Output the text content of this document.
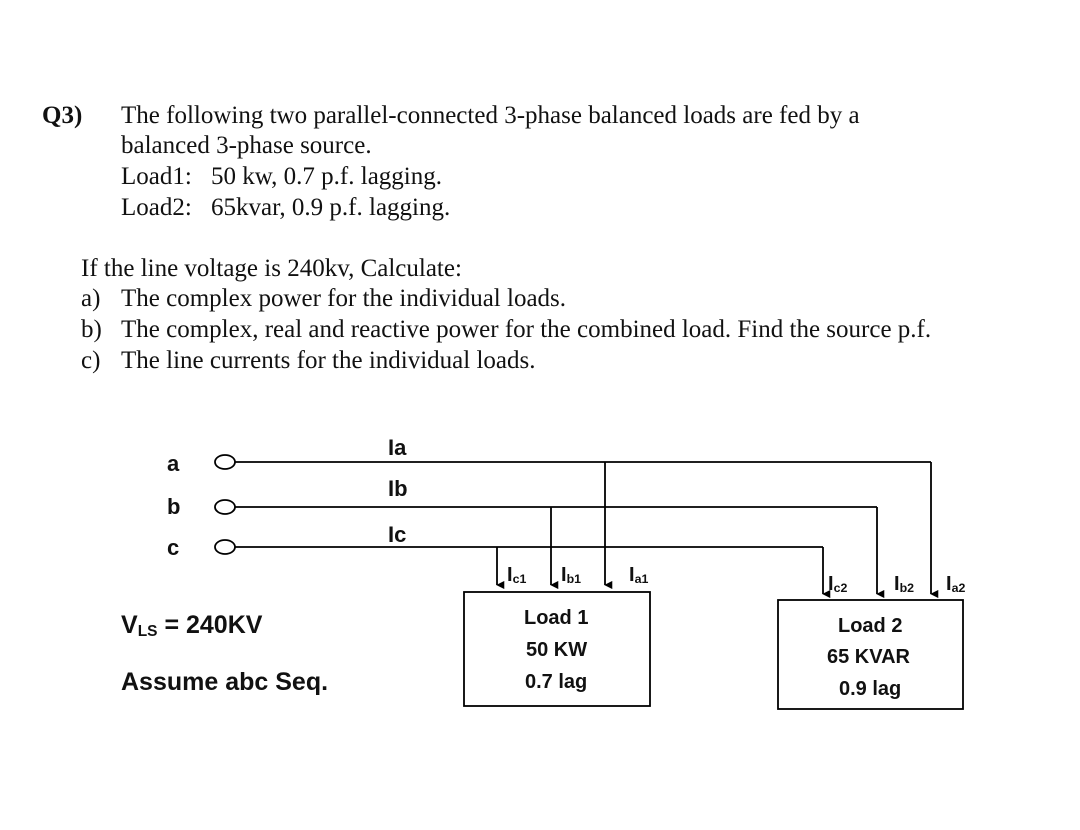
Q3) The following two parallel-connected 3-phase balanced loads are fed by a
balanced 3-phase source.
Load1: 50 kw, 0.7 p.f. lagging.
Load2: 65kvar, 0.9 p.f. lagging.
If the line voltage is 240kv, Calculate:
a) The complex power for the individual loads.
b) The complex, real and reactive power for the combined load. Find the source p.f.
c) The line currents for the individual loads.
a
b
c
Ia
Ib
Ic
$I_{c1}$ $I_{b1}$ $I_{a1}$	$I_{c2}$ $I_{b2}$ $I_{a2}$
Load 1
50 KW
0.7 lag
Load 2
65 KVAR
0.9 lag
$V_{LS} = 240KV$
Assume abc Seq.
